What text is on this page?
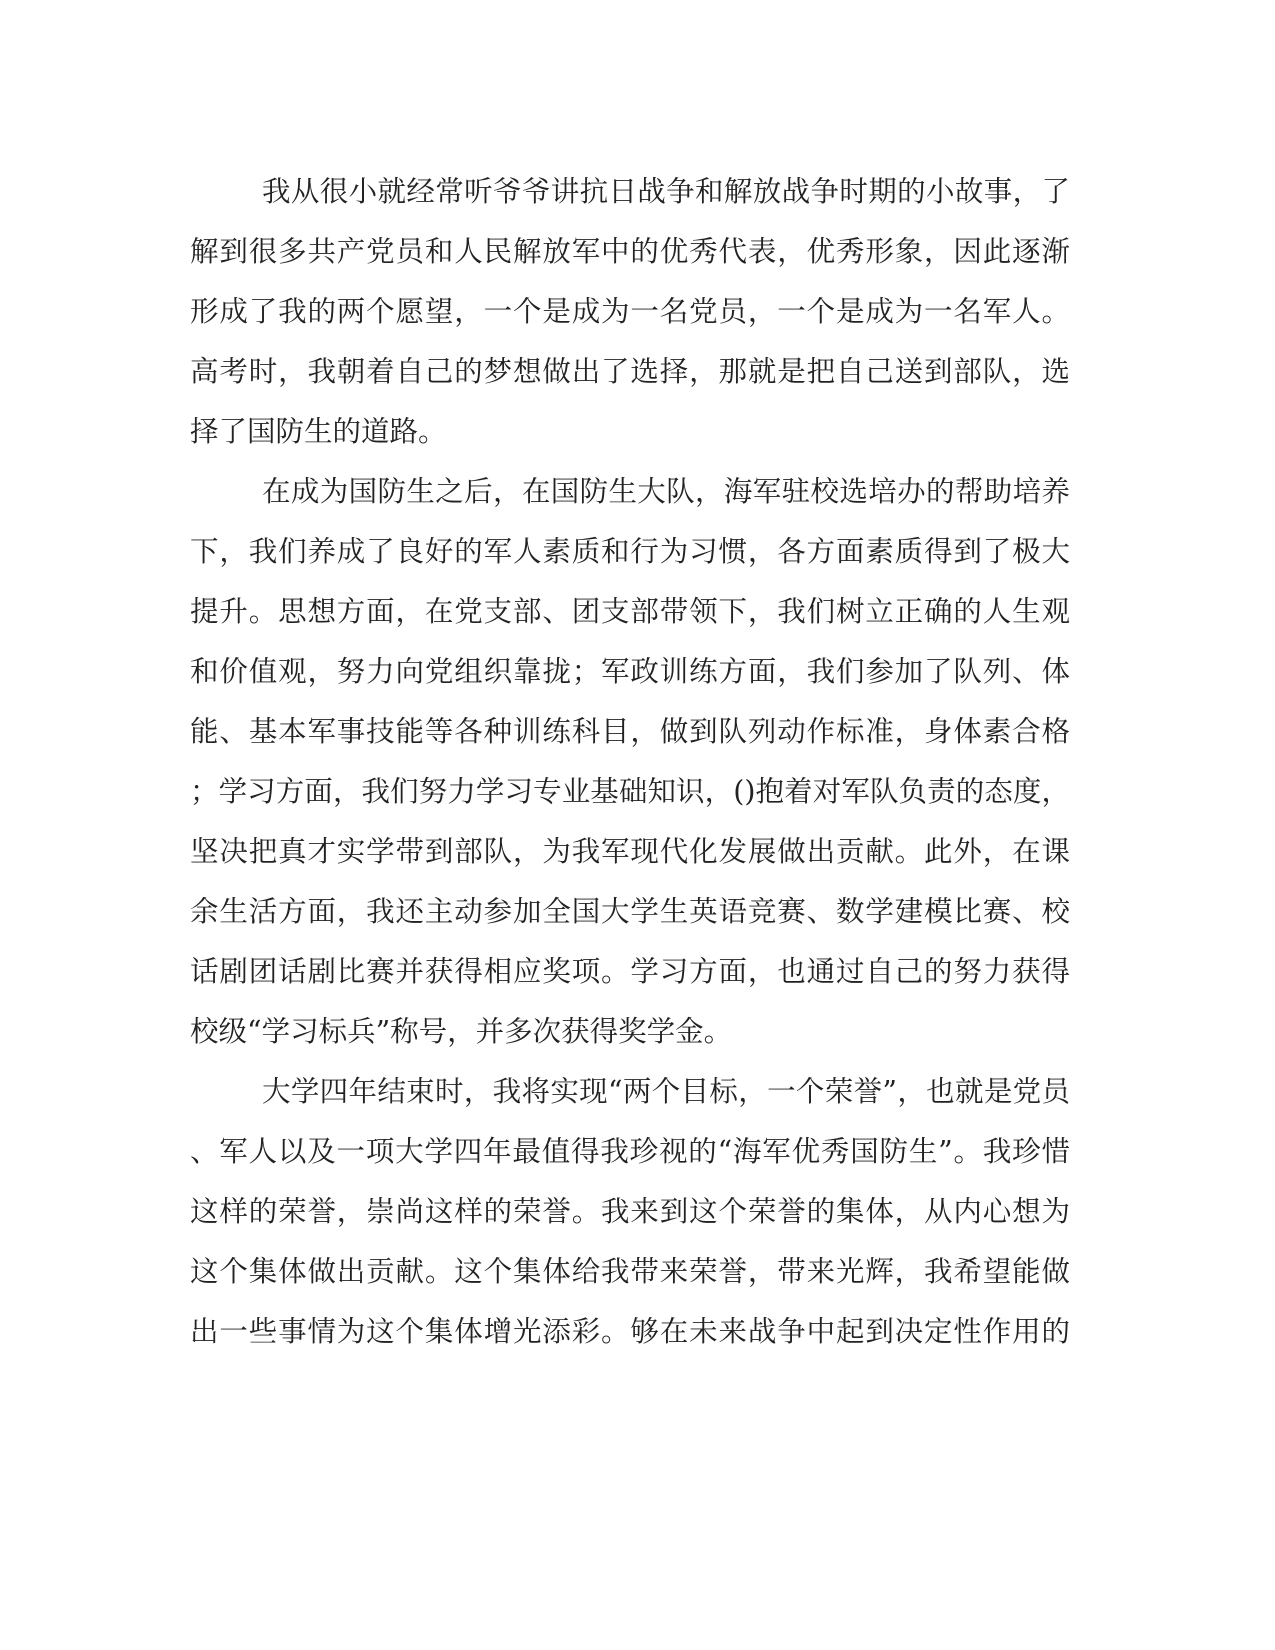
我从很小就经常听爷爷讲抗日战争和解放战争时期的小故事，了
解到很多共产党员和人民解放军中的优秀代表，优秀形象，因此逐渐
形成了我的两个愿望，一个是成为一名党员，一个是成为一名军人。
高考时，我朝着自己的梦想做出了选择，那就是把自己送到部队，选
择了国防生的道路。
在成为国防生之后，在国防生大队，海军驻校选培办的帮助培养
下，我们养成了良好的军人素质和行为习惯，各方面素质得到了极大
提升。思想方面，在党支部、团支部带领下，我们树立正确的人生观
和价值观，努力向党组织靠拢；军政训练方面，我们参加了队列、体
能、基本军事技能等各种训练科目，做到队列动作标准，身体素合格
；学习方面，我们努力学习专业基础知识，()抱着对军队负责的态度，
坚决把真才实学带到部队，为我军现代化发展做出贡献。此外，在课
余生活方面，我还主动参加全国大学生英语竞赛、数学建模比赛、校
话剧团话剧比赛并获得相应奖项。学习方面，也通过自己的努力获得
校级“学习标兵”称号，并多次获得奖学金。
大学四年结束时，我将实现“两个目标，一个荣誉”，也就是党员
、军人以及一项大学四年最值得我珍视的“海军优秀国防生”。我珍惜
这样的荣誉，崇尚这样的荣誉。我来到这个荣誉的集体，从内心想为
这个集体做出贡献。这个集体给我带来荣誉，带来光辉，我希望能做
出一些事情为这个集体增光添彩。够在未来战争中起到决定性作用的
